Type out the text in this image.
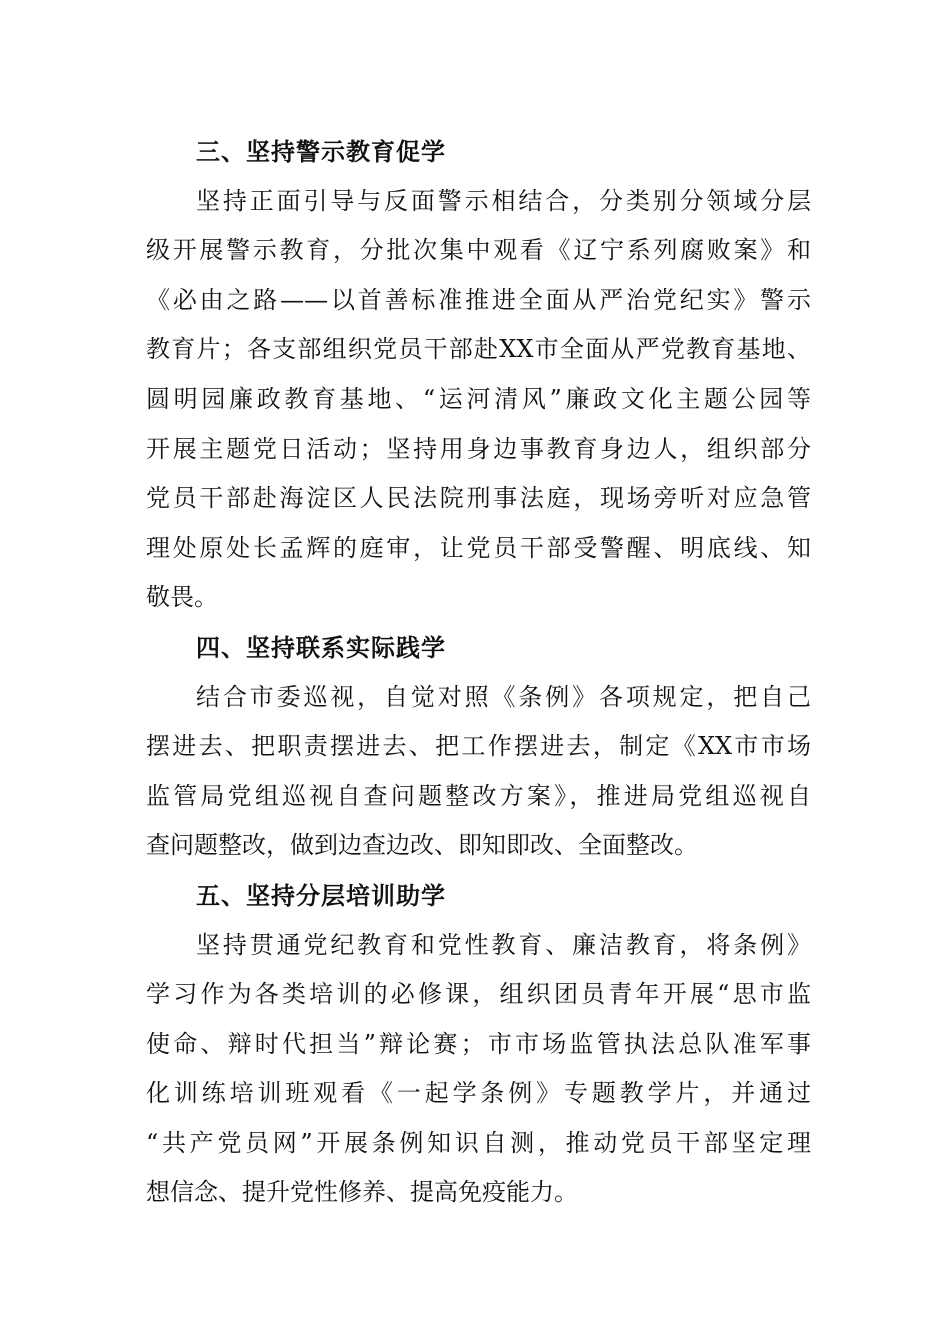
三、坚持警示教育促学

坚持正面引导与反面警示相结合，分类别分领域分层
级开展警示教育，分批次集中观看《辽宁系列腐败案》和
《必由之路——以首善标准推进全面从严治党纪实》警示
教育片；各支部组织党员干部赴XX市全面从严党教育基地、
圆明园廉政教育基地、“运河清风”廉政文化主题公园等
开展主题党日活动；坚持用身边事教育身边人，组织部分
党员干部赴海淀区人民法院刑事法庭，现场旁听对应急管
理处原处长孟辉的庭审，让党员干部受警醒、明底线、知
敬畏。

四、坚持联系实际践学

结合市委巡视，自觉对照《条例》各项规定，把自己
摆进去、把职责摆进去、把工作摆进去，制定《XX市市场
监管局党组巡视自查问题整改方案》，推进局党组巡视自
查问题整改，做到边查边改、即知即改、全面整改。

五、坚持分层培训助学

坚持贯通党纪教育和党性教育、廉洁教育，将条例》
学习作为各类培训的必修课，组织团员青年开展“思市监
使命、辩时代担当”辩论赛；市市场监管执法总队准军事
化训练培训班观看《一起学条例》专题教学片，并通过
“共产党员网”开展条例知识自测，推动党员干部坚定理
想信念、提升党性修养、提高免疫能力。
